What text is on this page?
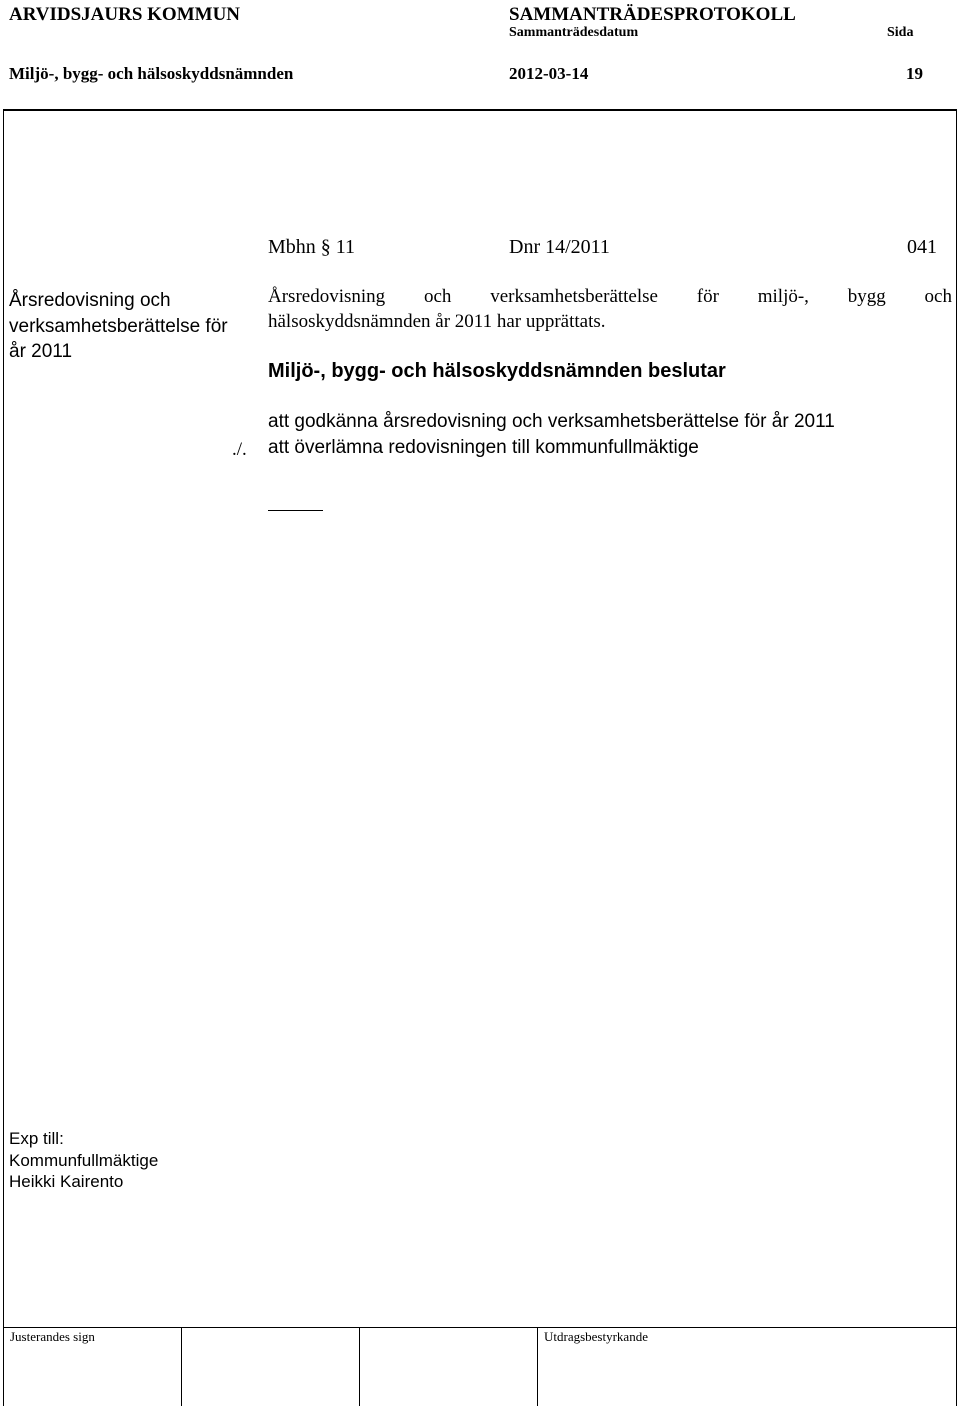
ARVIDSJAURS KOMMUN	SAMMANTRÄDESPROTOKOLL
Sammanträdesdatum	Sida
Miljö-, bygg- och hälsoskyddsnämnden	2012-03-14	19
Mbhn § 11	Dnr 14/2011	041
Årsredovisning och verksamhetsberättelse för år 2011
Årsredovisning och verksamhetsberättelse för miljö-, bygg och
hälsoskyddsnämnden år 2011 har upprättats.
Miljö-, bygg- och hälsoskyddsnämnden beslutar
./.
att godkänna årsredovisning och verksamhetsberättelse för år 2011
att överlämna redovisningen till kommunfullmäktige
Exp till:
Kommunfullmäktige
Heikki Kairento
Justerandes sign	Utdragsbestyrkande
